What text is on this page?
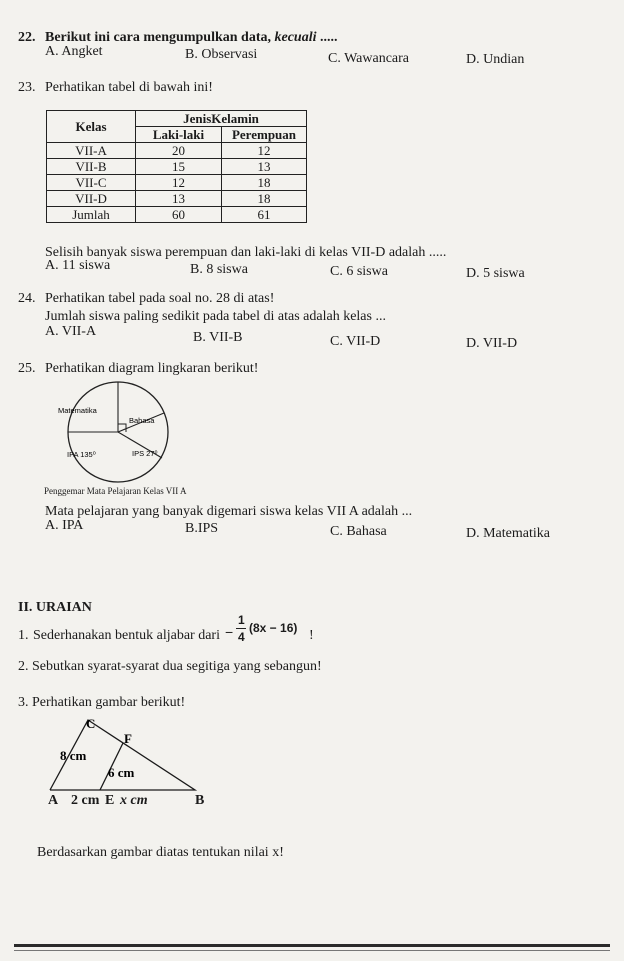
22. Berikut ini cara mengumpulkan data, kecuali .....
A. Angket	B. Observasi	C. Wawancara	D. Undian
23. Perhatikan tabel di bawah ini!
Kelas	JenisKelamin	
	Laki-laki	Perempuan
VII-A	20	12
VII-B	15	13
VII-C	12	18
VII-D	13	18
Jumlah	60	61
Selisih banyak siswa perempuan dan laki-laki di kelas VII-D adalah .....
A. 11 siswa	B. 8 siswa	C. 6 siswa	D. 5 siswa
24. Perhatikan tabel pada soal no. 28 di atas!
Jumlah siswa paling sedikit pada tabel di atas adalah kelas ...
A. VII-A	B. VII-B	C. VII-D	D. VII-D
25. Perhatikan diagram lingkaran berikut!
Matematika
Bahasa
IPA 135⁰	IPS 27⁰
Penggemar Mata Pelajaran Kelas VII A
Mata pelajaran yang banyak digemari siswa kelas VII A adalah ...
A. IPA	B.IPS	C. Bahasa	D. Matematika
II. URAIAN
1. Sederhanakan bentuk aljabar dari −
1
4
(8x − 16) !
2. Sebutkan syarat-syarat dua segitiga yang sebangun!
3. Perhatikan gambar berikut!
C
F
8 cm
6 cm
A 2 cm E x cm	B
Berdasarkan gambar diatas tentukan nilai x!
